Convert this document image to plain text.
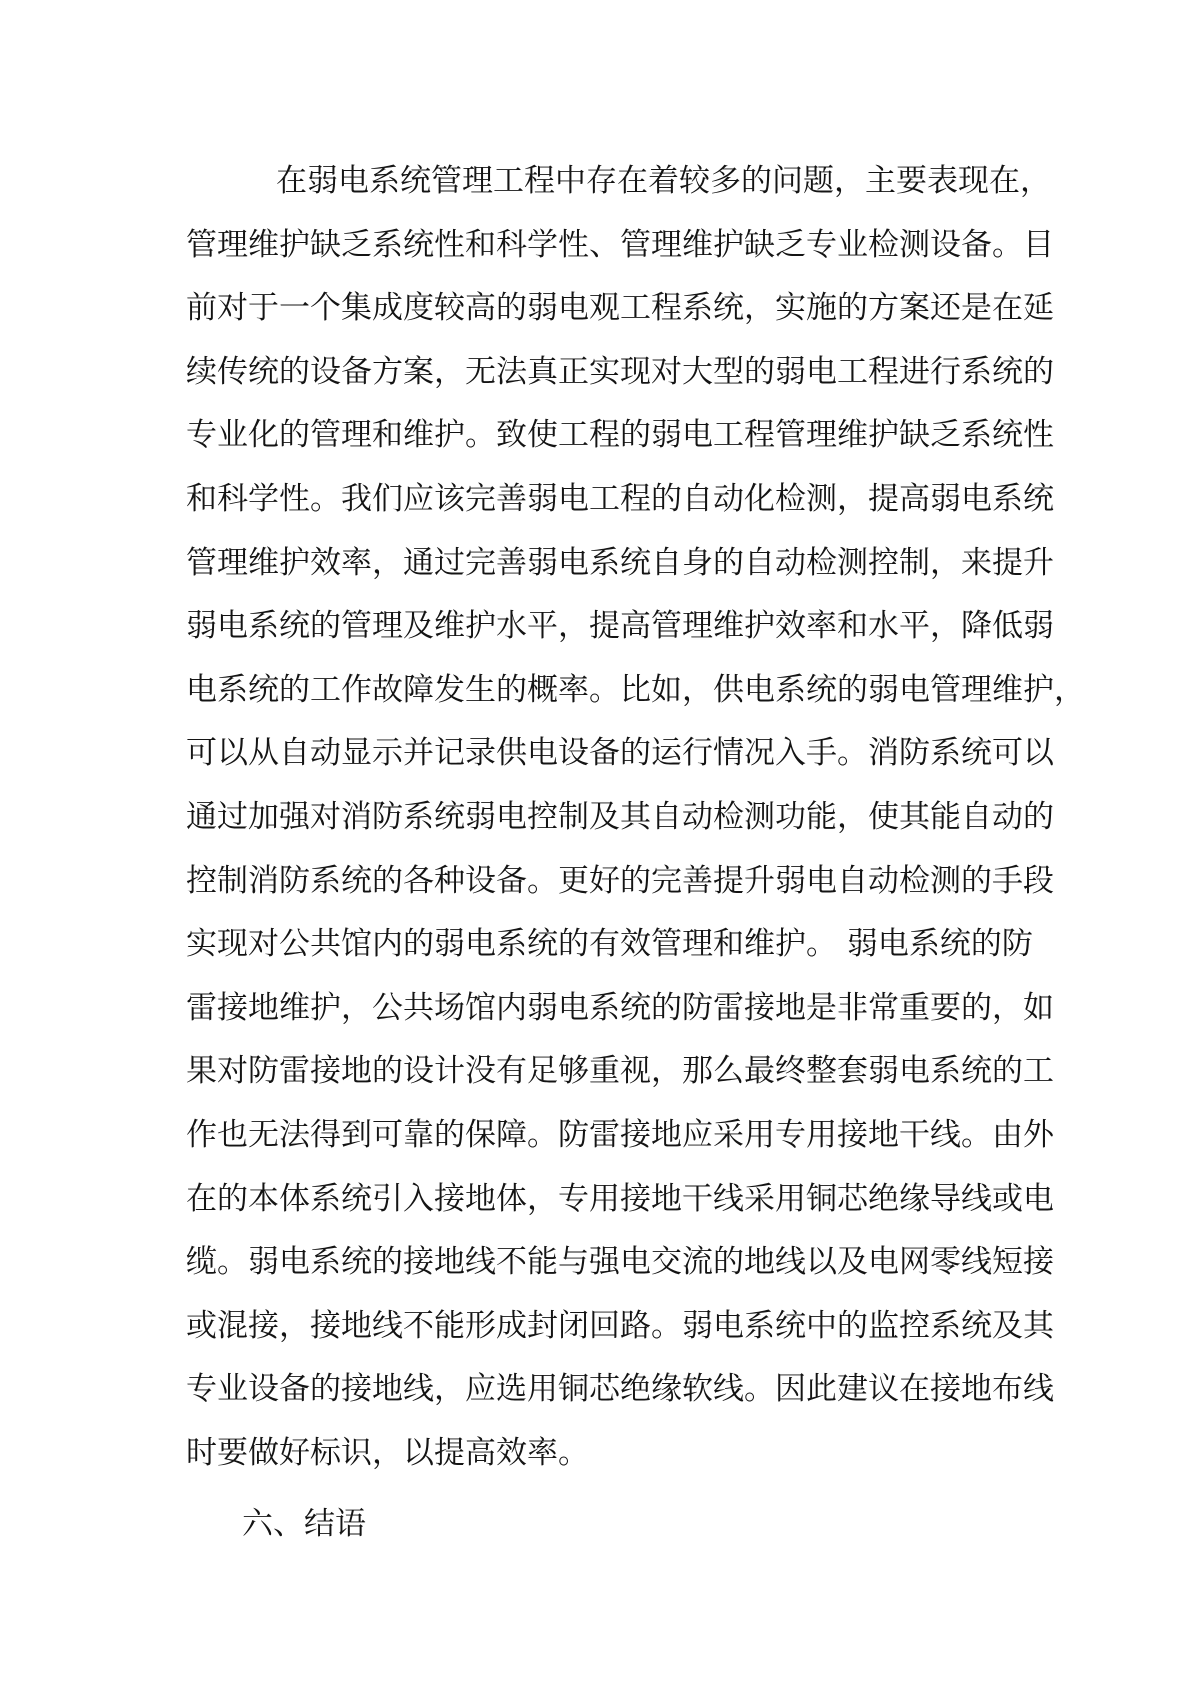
在弱电系统管理工程中存在着较多的问题，主要表现在，
管理维护缺乏系统性和科学性、管理维护缺乏专业检测设备。目
前对于一个集成度较高的弱电观工程系统，实施的方案还是在延
续传统的设备方案，无法真正实现对大型的弱电工程进行系统的
专业化的管理和维护。致使工程的弱电工程管理维护缺乏系统性
和科学性。我们应该完善弱电工程的自动化检测，提高弱电系统
管理维护效率，通过完善弱电系统自身的自动检测控制，来提升
弱电系统的管理及维护水平，提高管理维护效率和水平，降低弱
电系统的工作故障发生的概率。比如，供电系统的弱电管理维护，
可以从自动显示并记录供电设备的运行情况入手。消防系统可以
通过加强对消防系统弱电控制及其自动检测功能，使其能自动的
控制消防系统的各种设备。更好的完善提升弱电自动检测的手段
实现对公共馆内的弱电系统的有效管理和维护。 弱电系统的防
雷接地维护，公共场馆内弱电系统的防雷接地是非常重要的，如
果对防雷接地的设计没有足够重视，那么最终整套弱电系统的工
作也无法得到可靠的保障。防雷接地应采用专用接地干线。由外
在的本体系统引入接地体，专用接地干线采用铜芯绝缘导线或电
缆。弱电系统的接地线不能与强电交流的地线以及电网零线短接
或混接，接地线不能形成封闭回路。弱电系统中的监控系统及其
专业设备的接地线，应选用铜芯绝缘软线。因此建议在接地布线
时要做好标识，以提高效率。
六、结语
